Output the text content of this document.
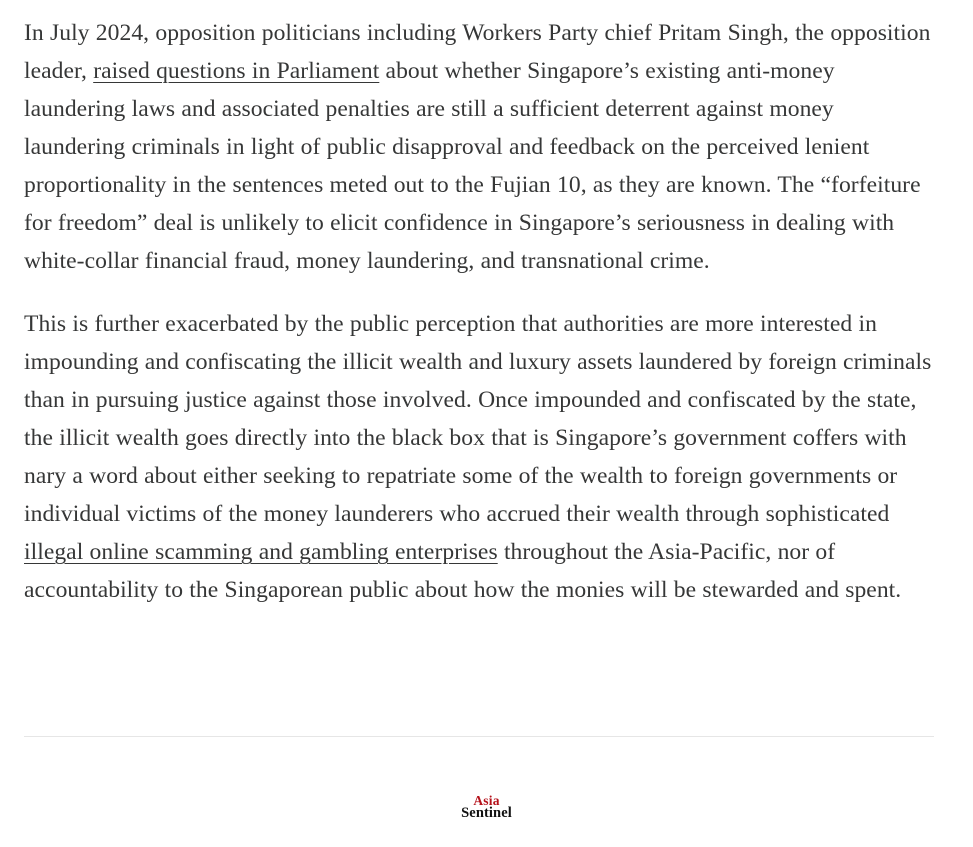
In July 2024, opposition politicians including Workers Party chief Pritam Singh, the opposition leader, raised questions in Parliament about whether Singapore’s existing anti-money laundering laws and associated penalties are still a sufficient deterrent against money laundering criminals in light of public disapproval and feedback on the perceived lenient proportionality in the sentences meted out to the Fujian 10, as they are known. The “forfeiture for freedom” deal is unlikely to elicit confidence in Singapore’s seriousness in dealing with white-collar financial fraud, money laundering, and transnational crime.

This is further exacerbated by the public perception that authorities are more interested in impounding and confiscating the illicit wealth and luxury assets laundered by foreign criminals than in pursuing justice against those involved. Once impounded and confiscated by the state, the illicit wealth goes directly into the black box that is Singapore’s government coffers with nary a word about either seeking to repatriate some of the wealth to foreign governments or individual victims of the money launderers who accrued their wealth through sophisticated illegal online scamming and gambling enterprises throughout the Asia-Pacific, nor of accountability to the Singaporean public about how the monies will be stewarded and spent.

Asia
Sentinel
